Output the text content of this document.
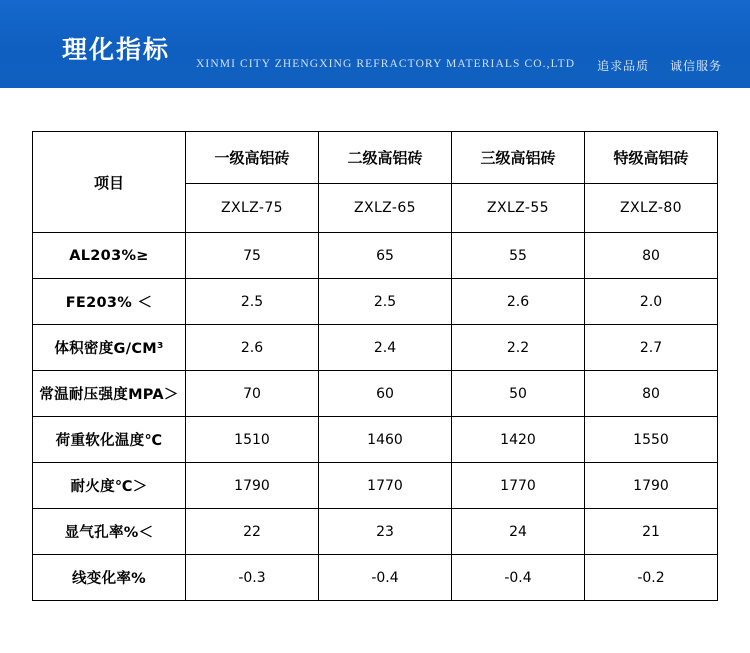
理化指标 XINMI CITY ZHENGXING REFRACTORY MATERIALS CO.,LTD 追求品质 诚信服务
项目	一级高铝砖	二级高铝砖	三级高铝砖	特级高铝砖
	ZXLZ-75	ZXLZ-65	ZXLZ-55	ZXLZ-80
AL203%≥	75	65	55	80
FE203% ＜	2.5	2.5	2.6	2.0
体积密度G/CM³	2.6	2.4	2.2	2.7
常温耐压强度MPA＞	70	60	50	80
荷重软化温度℃	1510	1460	1420	1550
耐火度℃＞	1790	1770	1770	1790
显气孔率%＜	22	23	24	21
线变化率%	-0.3	-0.4	-0.4	-0.2
